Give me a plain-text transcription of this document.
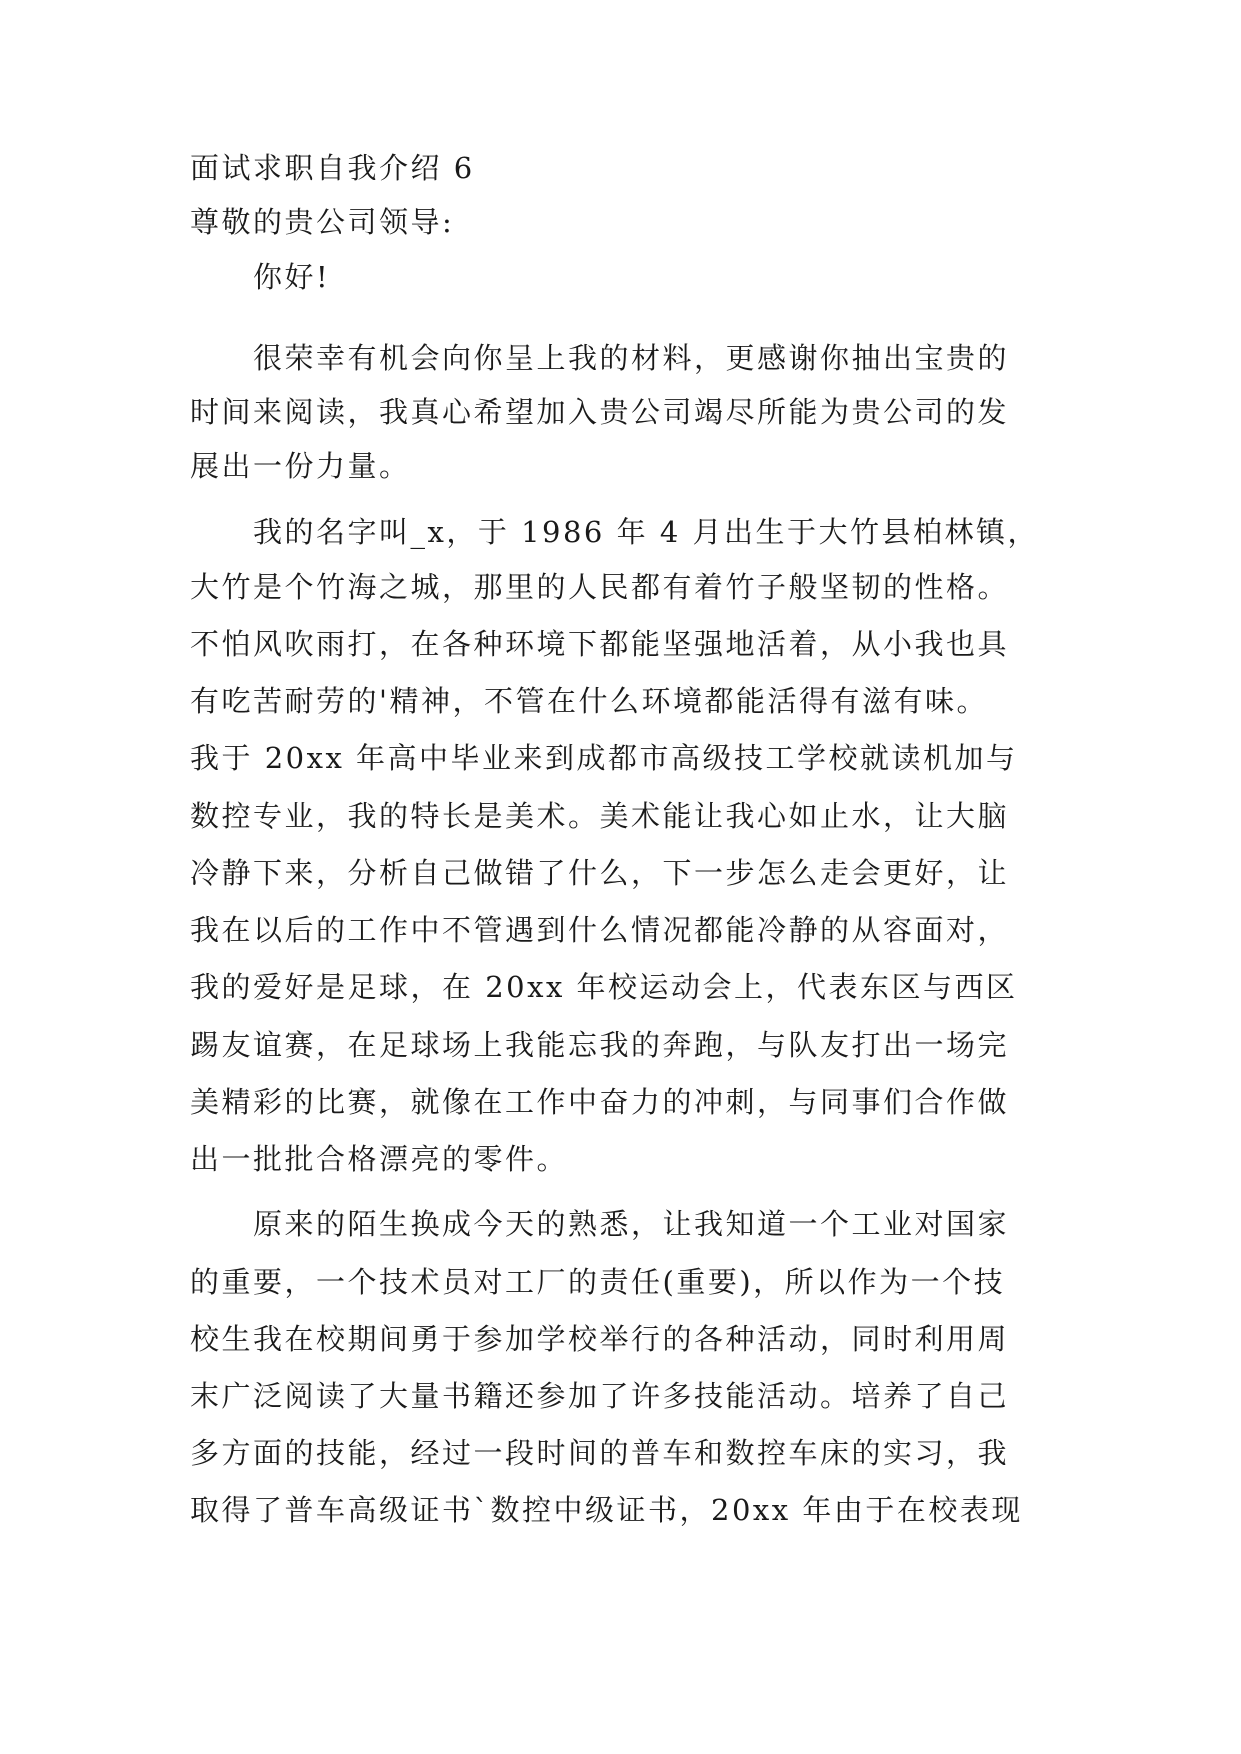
面试求职自我介绍 6

尊敬的贵公司领导:

你好!

很荣幸有机会向你呈上我的材料，更感谢你抽出宝贵的

时间来阅读，我真心希望加入贵公司竭尽所能为贵公司的发

展出一份力量。

我的名字叫_x，于 1986 年 4 月出生于大竹县柏林镇，

大竹是个竹海之城，那里的人民都有着竹子般坚韧的性格。

不怕风吹雨打，在各种环境下都能坚强地活着，从小我也具

有吃苦耐劳的'精神，不管在什么环境都能活得有滋有味。

我于 20xx 年高中毕业来到成都市高级技工学校就读机加与

数控专业，我的特长是美术。美术能让我心如止水，让大脑

冷静下来，分析自己做错了什么，下一步怎么走会更好，让

我在以后的工作中不管遇到什么情况都能冷静的从容面对，

我的爱好是足球，在 20xx 年校运动会上，代表东区与西区

踢友谊赛，在足球场上我能忘我的奔跑，与队友打出一场完

美精彩的比赛，就像在工作中奋力的冲刺，与同事们合作做

出一批批合格漂亮的零件。

原来的陌生换成今天的熟悉，让我知道一个工业对国家

的重要，一个技术员对工厂的责任(重要)，所以作为一个技

校生我在校期间勇于参加学校举行的各种活动，同时利用周

末广泛阅读了大量书籍还参加了许多技能活动。培养了自己

多方面的技能，经过一段时间的普车和数控车床的实习，我

取得了普车高级证书`数控中级证书，20xx 年由于在校表现
